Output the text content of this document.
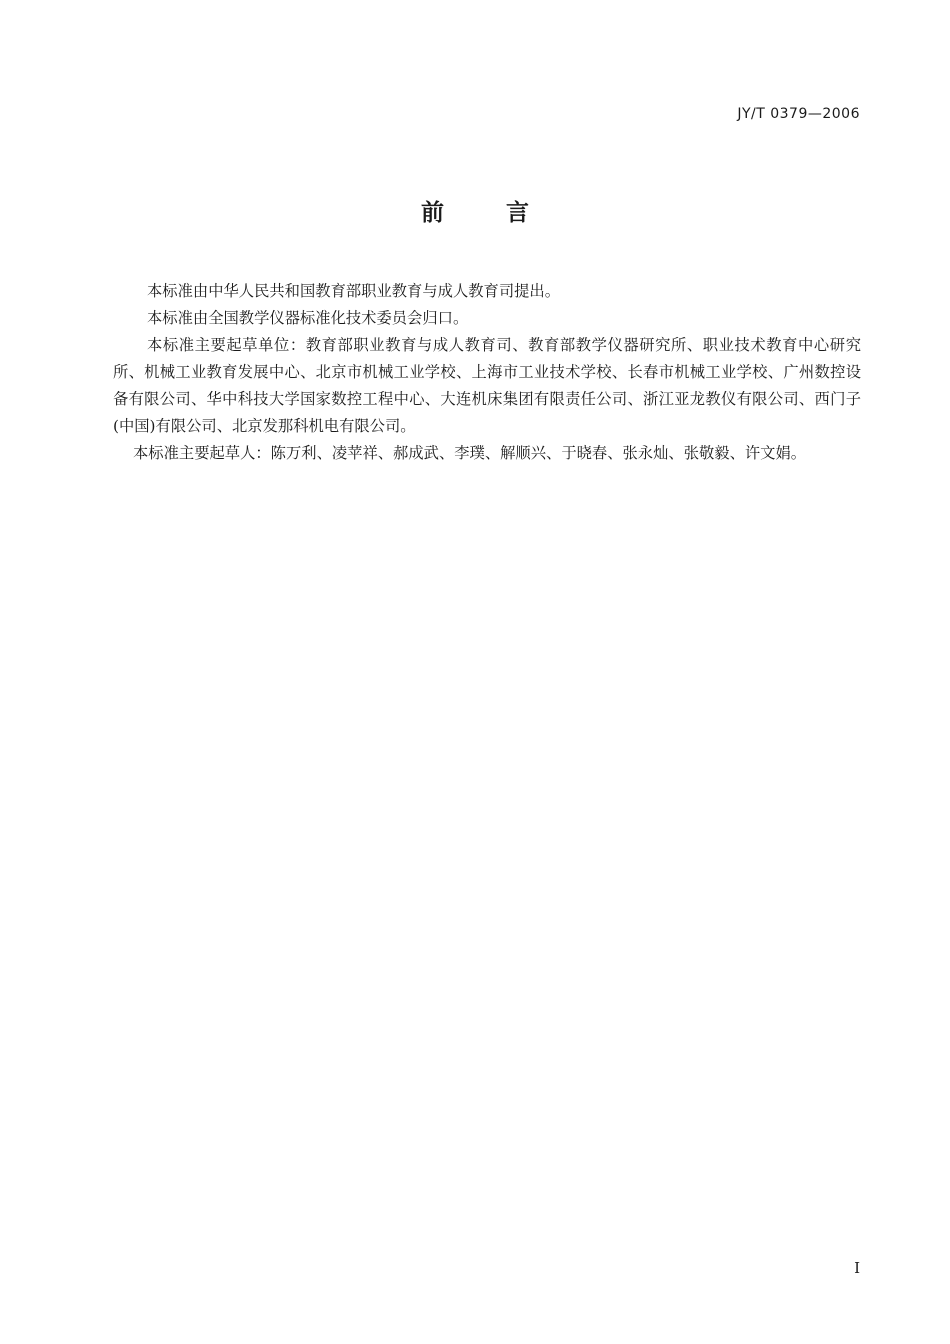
JY/T 0379—2006
前	言

本标准由中华人民共和国教育部职业教育与成人教育司提出。

本标准由全国教学仪器标准化技术委员会归口。

本标准主要起草单位：教育部职业教育与成人教育司、教育部教学仪器研究所、职业技术教育中心研究所、机械工业教育发展中心、北京市机械工业学校、上海市工业技术学校、长春市机械工业学校、广州数控设备有限公司、华中科技大学国家数控工程中心、大连机床集团有限责任公司、浙江亚龙教仪有限公司、西门子(中国)有限公司、北京发那科机电有限公司。

本标准主要起草人：陈万利、凌苹祥、郝成武、李璞、解顺兴、于晓春、张永灿、张敬毅、许文娟。

I
